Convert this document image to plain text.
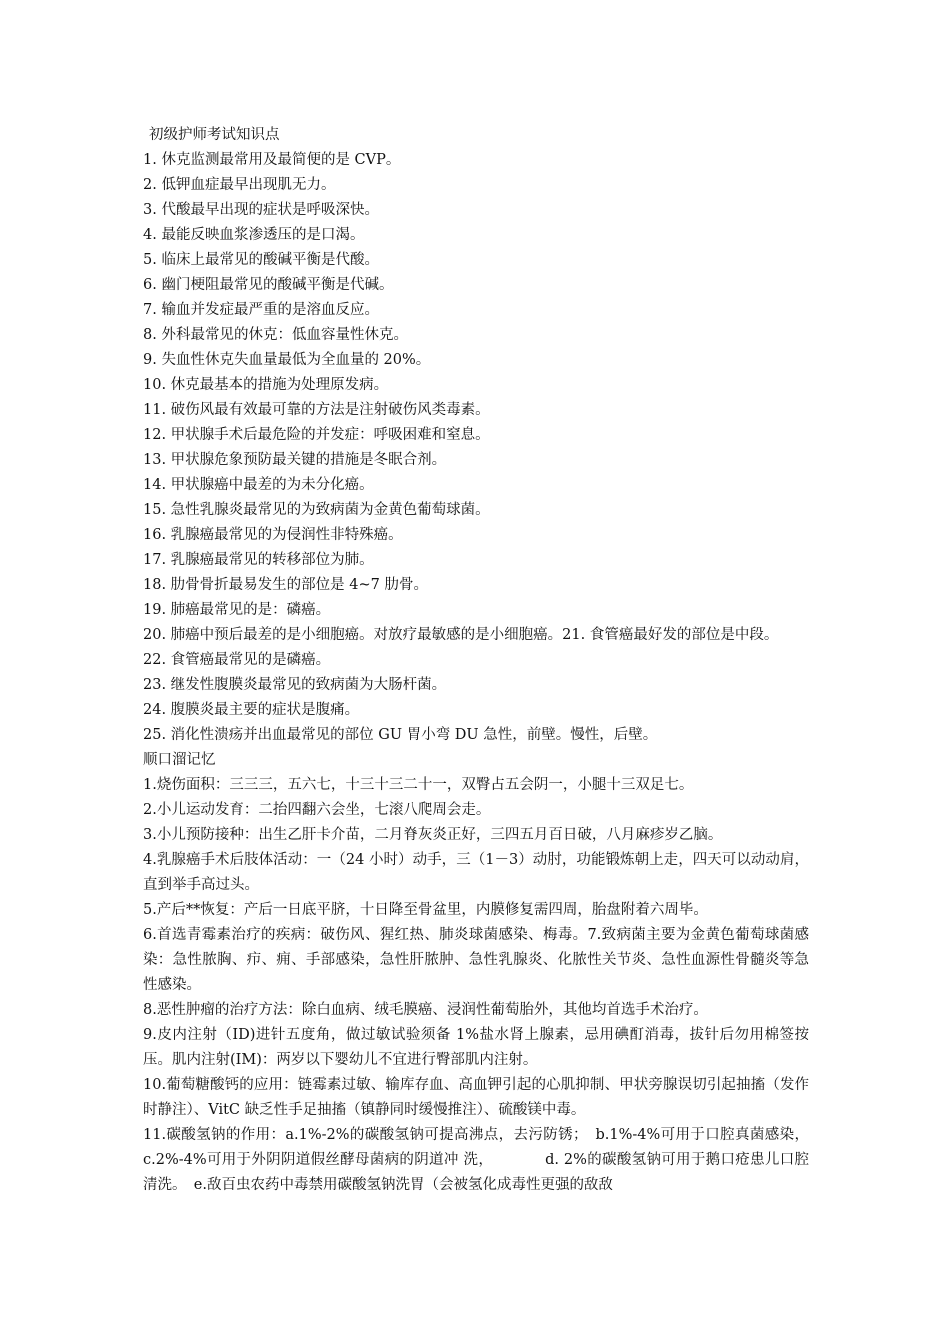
初级护师考试知识点

1. 休克监测最常用及最简便的是 CVP。

2. 低钾血症最早出现肌无力。

3. 代酸最早出现的症状是呼吸深快。

4. 最能反映血浆渗透压的是口渴。

5. 临床上最常见的酸碱平衡是代酸。

6. 幽门梗阻最常见的酸碱平衡是代碱。

7. 输血并发症最严重的是溶血反应。

8. 外科最常见的休克：低血容量性休克。

9. 失血性休克失血量最低为全血量的 20%。

10. 休克最基本的措施为处理原发病。

11. 破伤风最有效最可靠的方法是注射破伤风类毒素。

12. 甲状腺手术后最危险的并发症：呼吸困难和窒息。

13. 甲状腺危象预防最关键的措施是冬眠合剂。

14. 甲状腺癌中最差的为未分化癌。

15. 急性乳腺炎最常见的为致病菌为金黄色葡萄球菌。

16. 乳腺癌最常见的为侵润性非特殊癌。

17. 乳腺癌最常见的转移部位为肺。

18. 肋骨骨折最易发生的部位是 4~7 肋骨。

19. 肺癌最常见的是：磷癌。

20. 肺癌中预后最差的是小细胞癌。对放疗最敏感的是小细胞癌。21. 食管癌最好发的部位是中段。

22. 食管癌最常见的是磷癌。

23. 继发性腹膜炎最常见的致病菌为大肠杆菌。

24. 腹膜炎最主要的症状是腹痛。

25. 消化性溃疡并出血最常见的部位 GU 胃小弯 DU 急性，前壁。慢性，后壁。

顺口溜记忆

1.烧伤面积：三三三，五六七，十三十三二十一，双臀占五会阴一，小腿十三双足七。

2.小儿运动发育：二抬四翻六会坐，七滚八爬周会走。

3.小儿预防接种：出生乙肝卡介苗，二月脊灰炎正好，三四五月百日破，八月麻疹岁乙脑。

4.乳腺癌手术后肢体活动：一（24 小时）动手，三（1－3）动肘，功能锻炼朝上走，四天可以动动肩，直到举手高过头。

5.产后**恢复：产后一日底平脐，十日降至骨盆里，内膜修复需四周，胎盘附着六周毕。

6.首选青霉素治疗的疾病：破伤风、猩红热、肺炎球菌感染、梅毒。7.致病菌主要为金黄色葡萄球菌感染：急性脓胸、疖、痈、手部感染，急性肝脓肿、急性乳腺炎、化脓性关节炎、急性血源性骨髓炎等急性感染。

8.恶性肿瘤的治疗方法：除白血病、绒毛膜癌、浸润性葡萄胎外，其他均首选手术治疗。

9.皮内注射（ID)进针五度角，做过敏试验须备 1%盐水肾上腺素，忌用碘酊消毒，拔针后勿用棉签按压。肌内注射(IM)：两岁以下婴幼儿不宜进行臀部肌内注射。

10.葡萄糖酸钙的应用：链霉素过敏、输库存血、高血钾引起的心肌抑制、甲状旁腺误切引起抽搐（发作时静注）、VitC 缺乏性手足抽搐（镇静同时缓慢推注）、硫酸镁中毒。

11.碳酸氢钠的作用：a.1%-2%的碳酸氢钠可提高沸点，去污防锈；　b.1%-4%可用于口腔真菌感染，c.2%-4%可用于外阴阴道假丝酵母菌病的阴道冲 洗，　　　　d. 2%的碳酸氢钠可用于鹅口疮患儿口腔清洗。　e.敌百虫农药中毒禁用碳酸氢钠洗胃（会被氢化成毒性更强的敌敌
